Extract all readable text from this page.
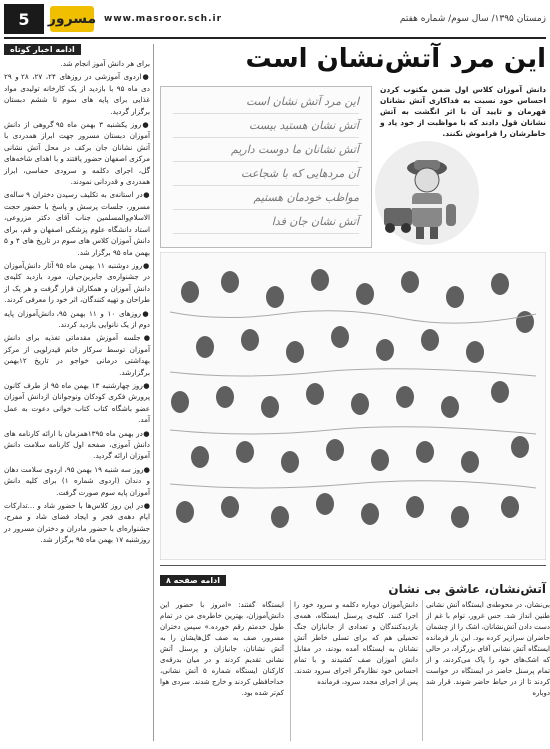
5	مسرور www.masroor.sch.ir	زمستان ۱۳۹۵/ سال سوم/ شماره هفتم
ادامه اخبار کوتاه

برای هر دانش آموز انجام شد.

●اردوی آموزشی در روزهای ۲۴، ۲۷، ۲۸ و ۲۹ دی ماه ۹۵ با بازدید از یک کارخانه تولیدی مواد غذایی برای پایه های سوم تا ششم دبستان برگزار گردید.

●روز یکشنبه ۳ بهمن ماه ۹۵ گروهی از دانش آموزان دبستان مسرور جهت ابراز همدردی با آتش نشانان جان برکف در محل آتش نشانی مرکزی اصفهان حضور یافتند و با اهدای شاخه‌های گل، اجرای دکلمه و سرودی حماسی، ابراز همدردی و قدردانی نمودند.

●در استانه‌ی به تکلیف رسیدن دختران ۹ ساله‌ی مسرور، جلسات پرسش و پاسخ با حضور حجت الاسلام‌والمسلمین جناب آقای دکتر مزروعی، استاد دانشگاه علوم پزشکی اصفهان و قم، برای دانش آموزان کلاس های سوم در تاریخ های ۴ و ۵ بهمن ماه ۹۵ برگزار شد.

●روز دوشنبه ۱۱ بهمن ماه ۹۵ آثار دانش‌آموزان در جشنواره‌ی جابربن‌حیان، مورد بازدید کلیه‌ی دانش آموزان و همکاران قرار گرفت و هر یک از طراحان و تهیه کنندگان، اثر خود را معرفی کردند.

●روزهای ۱۰ و ۱۱ بهمن ۹۵، دانش‌آموزان پایه دوم از یک نانوایی بازدید کردند.

●جلسه آموزش مقدماتی تغذیه برای دانش آموزان توسط سرکار خانم قیدرلویی از مرکز بهداشتی درمانی خواجو در تاریخ ۱۲بهمن برگزارشد.

●روز چهارشنبه ۱۳ بهمن ماه ۹۵ از طرف کانون پرورش فکری کودکان ونوجوانان ازدانش آموزان عضو باشگاه کتاب کتاب خوانی دعوت به عمل آمد.

●در بهمن ماه ۱۳۹۵همزمان با ارائه کارنامه های دانش آموزی، صفحه اول کارنامه سلامت دانش آموزان ارائه گردید.

●روز سه شنبه ۱۹ بهمن ۹۵، اردوی سلامت دهان و دندان (اردوی شماره ۱) برای کلیه دانش آموزان پایه سوم صورت گرفت.

●در این روز کلاس‌ها با حضور شاد و ...تدارکات ایام دهه‌ی فجر و ایجاد فضای شاد و مفرح، جشنواره‌ای با حضور مادران و دختران مسرور در روزشنبه ۱۷ بهمن ماه ۹۵ برگزار شد.

این مرد آتش‌نشان است
دانش آموزان کلاس اول ضمن مکتوب کردن احساس خود نسبت به فداکاری آتش نشانان قهرمان و تایید آن با اثر انگشت به آتش نشانان قول دادند که با مواظبت از خود یاد و خاطرشان را فراموش نکنند.
این مرد آتش نشان است
آتش نشان هستید بیست
آتش نشانان ما دوست داریم
آن مردهایی که با شجاعت
مواظب خودمان هستیم
آتش نشان جان فدا
ادامه صفحه ۸
آتش‌نشان، عاشق بی نشان
بی‌نشان، در محوطه‌ی ایستگاه آتش نشانی طنین انداز شد. حس غرور، توام با غم از دست دادن آتش‌نشانان، اشک را از چشمان حاضران سرازیر کرده بود. این بار فرمانده ایستگاه آتش نشانی آقای بزرگزاد، در حالی که اشک‌های خود را پاک می‌کردند، و از تمام پرسنل حاضر در ایستگاه در خواست کردند تا از در حیاط حاضر شوند. قرار شد دوباره
دانش‌آموزان دوباره دکلمه و سرود خود را اجرا کنند. کلیه‌ی پرسنل ایستگاه، همه‌ی بازدیدکنندگان و تعدادی از جانبازان جنگ تحمیلی هم که برای تسلی خاطر آتش نشانان به ایستگاه آمده بودند، در مقابل دانش آموزان صف کشیدند و با تمام احساس خود نظاره‌گر اجرای سرود شدند. پس از اجرای مجدد سرود، فرمانده
ایستگاه گفتند: «امروز با حضور این دانش‌آموزان، بهترین خاطره‌ی من در تمام طول خدمتم رقم خورده.» سپس دختران مسرور، صف به صف گل‌هایشان را به آتش نشانان، جانبازان و پرسنل آتش نشانی تقدیم کردند و در میان بدرقه‌ی کارکنان ایستگاه شماره ۵ آتش نشانی، خداحافظی کردند و خارج شدند. سردی هوا کم‌تر شده بود.
